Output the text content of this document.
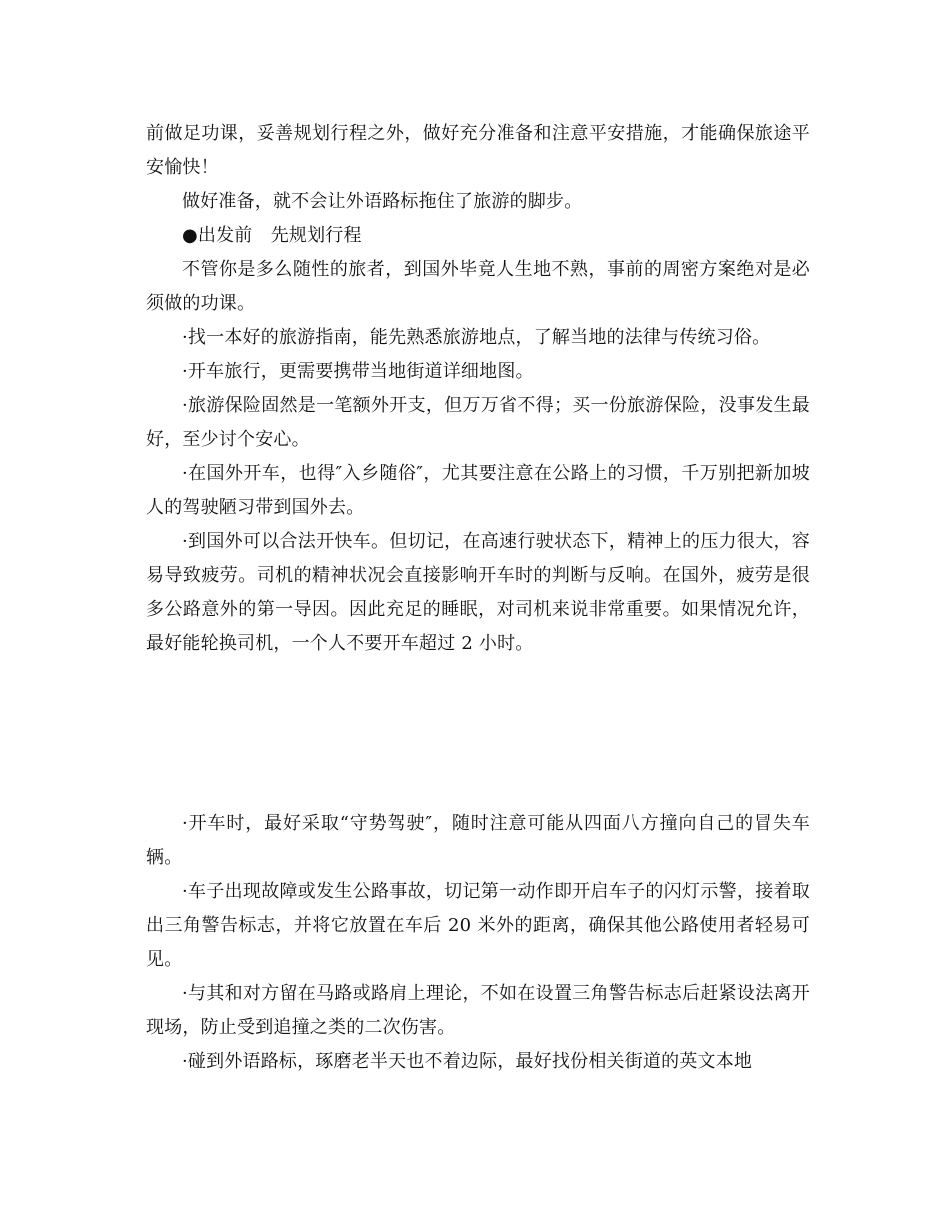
前做足功课，妥善规划行程之外，做好充分准备和注意平安措施，才能确保旅途平安愉快！

做好准备，就不会让外语路标拖住了旅游的脚步。

●出发前　先规划行程

不管你是多么随性的旅者，到国外毕竟人生地不熟，事前的周密方案绝对是必须做的功课。

·找一本好的旅游指南，能先熟悉旅游地点，了解当地的法律与传统习俗。

·开车旅行，更需要携带当地街道详细地图。

·旅游保险固然是一笔额外开支，但万万省不得；买一份旅游保险，没事发生最好，至少讨个安心。

·在国外开车，也得″入乡随俗″，尤其要注意在公路上的习惯，千万别把新加坡人的驾驶陋习带到国外去。

·到国外可以合法开快车。但切记，在高速行驶状态下，精神上的压力很大，容易导致疲劳。司机的精神状况会直接影响开车时的判断与反响。在国外，疲劳是很多公路意外的第一导因。因此充足的睡眠，对司机来说非常重要。如果情况允许，最好能轮换司机，一个人不要开车超过 2 小时。

·开车时，最好采取“守势驾驶″，随时注意可能从四面八方撞向自己的冒失车辆。

·车子出现故障或发生公路事故，切记第一动作即开启车子的闪灯示警，接着取出三角警告标志，并将它放置在车后 20 米外的距离，确保其他公路使用者轻易可见。

·与其和对方留在马路或路肩上理论，不如在设置三角警告标志后赶紧设法离开现场，防止受到追撞之类的二次伤害。

·碰到外语路标，琢磨老半天也不着边际，最好找份相关街道的英文本地
